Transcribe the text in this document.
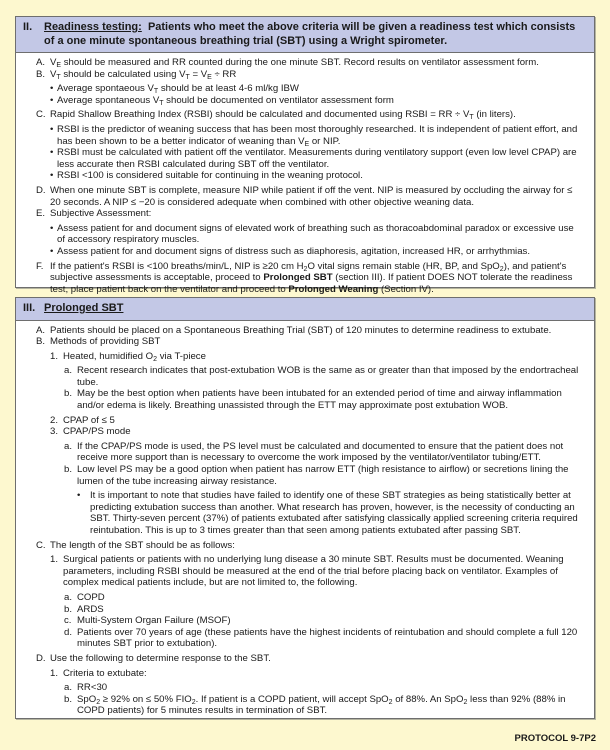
II.	Readiness testing: Patients who meet the above criteria will be given a readiness test which consists of a one minute spontaneous breathing trial (SBT) using a Wright spirometer.
A. $V_E$ should be measured and RR counted during the one minute SBT. Record results on ventilator assessment form.
B. $V_T$ should be calculated using $V_T = V_E$ ÷ RR
• Average spontaeous $V_T$ should be at least 4-6 ml/kg IBW
• Average spontaneous $V_T$ should be documented on ventilator assessment form
C. Rapid Shallow Breathing Index (RSBI) should be calculated and documented using RSBI = RR ÷ $V_T$ (in liters).
• RSBI is the predictor of weaning success that has been most thoroughly researched. It is independent of patient effort, and has been shown to be a better indicator of weaning than $V_E$ or NIP.
• RSBI must be calculated with patient off the ventilator. Measurements during ventilatory support (even low level CPAP) are less accurate then RSBI calculated during SBT off the ventilator.
• RSBI <100 is considered suitable for continuing in the weaning protocol.
D. When one minute SBT is complete, measure NIP while patient if off the vent. NIP is measured by occluding the airway for ≤ 20 seconds. A NIP ≤ −20 is considered adequate when combined with other objective weaning data.
E. Subjective Assessment:
• Assess patient for and document signs of elevated work of breathing such as thoracoabdominal paradox or excessive use of accessory respiratory muscles.
• Assess patient for and document signs of distress such as diaphoresis, agitation, increased HR, or arrhythmias.
F. If the patient's RSBI is <100 breaths/min/L, NIP is ≥20 cm $H_2O$ vital signs remain stable (HR, BP, and SpO$_2$), and patient's subjective assessments is acceptable, proceed to Prolonged SBT (section III). If patient DOES NOT tolerate the readiness test, place patient back on the ventilator and proceed to Prolonged Weaning (Section IV).
III. Prolonged SBT
A. Patients should be placed on a Spontaneous Breathing Trial (SBT) of 120 minutes to determine readiness to extubate.
B. Methods of providing SBT
1. Heated, humidified $O_2$ via T-piece
a. Recent research indicates that post-extubation WOB is the same as or greater than that imposed by the endortracheal tube.
b. May be the best option when patients have been intubated for an extended period of time and airway inflammation and/or edema is likely. Breathing unassisted through the ETT may approximate post extubation WOB.
2. CPAP of ≤ 5
3. CPAP/PS mode
a. If the CPAP/PS mode is used, the PS level must be calculated and documented to ensure that the patient does not receive more support than is necessary to overcome the work imposed by the ventilator/ventilator tubing/ETT.
b. Low level PS may be a good option when patient has narrow ETT (high resistance to airflow) or secretions lining the lumen of the tube increasing airway resistance.
•	It is important to note that studies have failed to identify one of these SBT strategies as being statistically better at predicting extubation success than another. What research has proven, however, is the necessity of conducting an SBT. Thirty-seven percent (37%) of patients extubated after satisfying classically applied screening criteria required reintubation. This is up to 3 times greater than that seen among patients extubated after passing SBT.
C. The length of the SBT should be as follows:
1. Surgical patients or patients with no underlying lung disease a 30 minute SBT. Results must be documented. Weaning parameters, including RSBI should be measured at the end of the trial before placing back on ventilator. Examples of complex medical patients include, but are not limited to, the following.
a. COPD
b. ARDS
c. Multi-System Organ Failure (MSOF)
d. Patients over 70 years of age (these patients have the highest incidents of reintubation and should complete a full 120 minutes SBT prior to extubation).
D. Use the following to determine response to the SBT.
1. Criteria to extubate:
a. RR<30
b. SpO$_2$ ≥ 92% on ≤ 50% $FIO_2$. If patient is a COPD patient, will accept SpO$_2$ of 88%. An SpO$_2$ less than 92% (88% in COPD patients) for 5 minutes results in termination of SBT.
PROTOCOL 9-7P2
